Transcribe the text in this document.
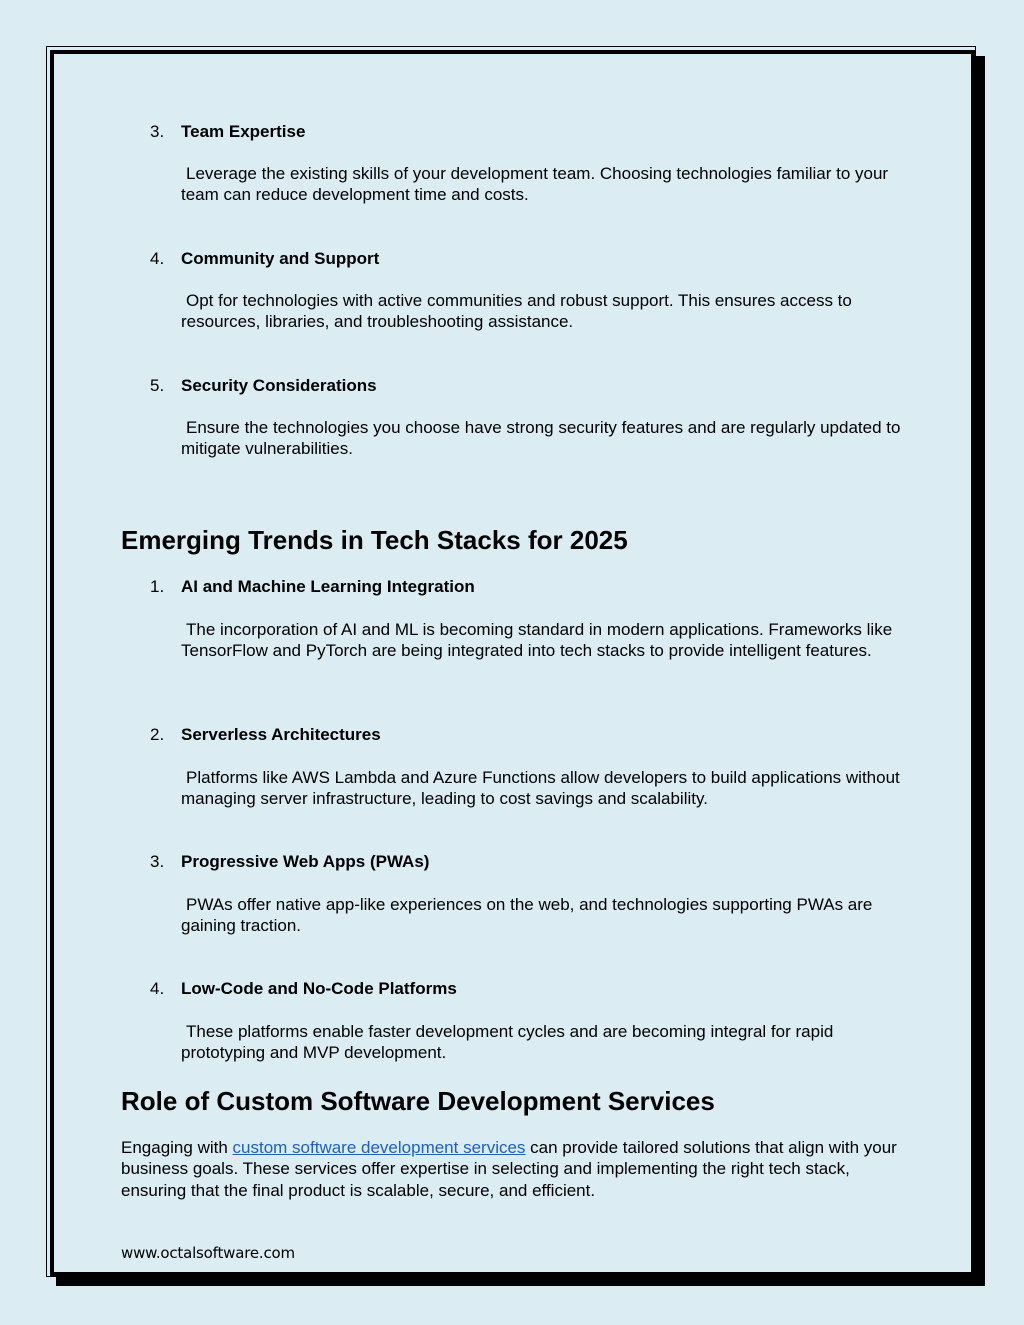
3. Team Expertise
Leverage the existing skills of your development team. Choosing technologies familiar to your team can reduce development time and costs.
4. Community and Support
Opt for technologies with active communities and robust support. This ensures access to resources, libraries, and troubleshooting assistance.
5. Security Considerations
Ensure the technologies you choose have strong security features and are regularly updated to mitigate vulnerabilities.
Emerging Trends in Tech Stacks for 2025
1. AI and Machine Learning Integration
The incorporation of AI and ML is becoming standard in modern applications. Frameworks like TensorFlow and PyTorch are being integrated into tech stacks to provide intelligent features.
2. Serverless Architectures
Platforms like AWS Lambda and Azure Functions allow developers to build applications without managing server infrastructure, leading to cost savings and scalability.
3. Progressive Web Apps (PWAs)
PWAs offer native app-like experiences on the web, and technologies supporting PWAs are gaining traction.
4. Low-Code and No-Code Platforms
These platforms enable faster development cycles and are becoming integral for rapid prototyping and MVP development.
Role of Custom Software Development Services
Engaging with custom software development services can provide tailored solutions that align with your business goals. These services offer expertise in selecting and implementing the right tech stack, ensuring that the final product is scalable, secure, and efficient.
www.octalsoftware.com
